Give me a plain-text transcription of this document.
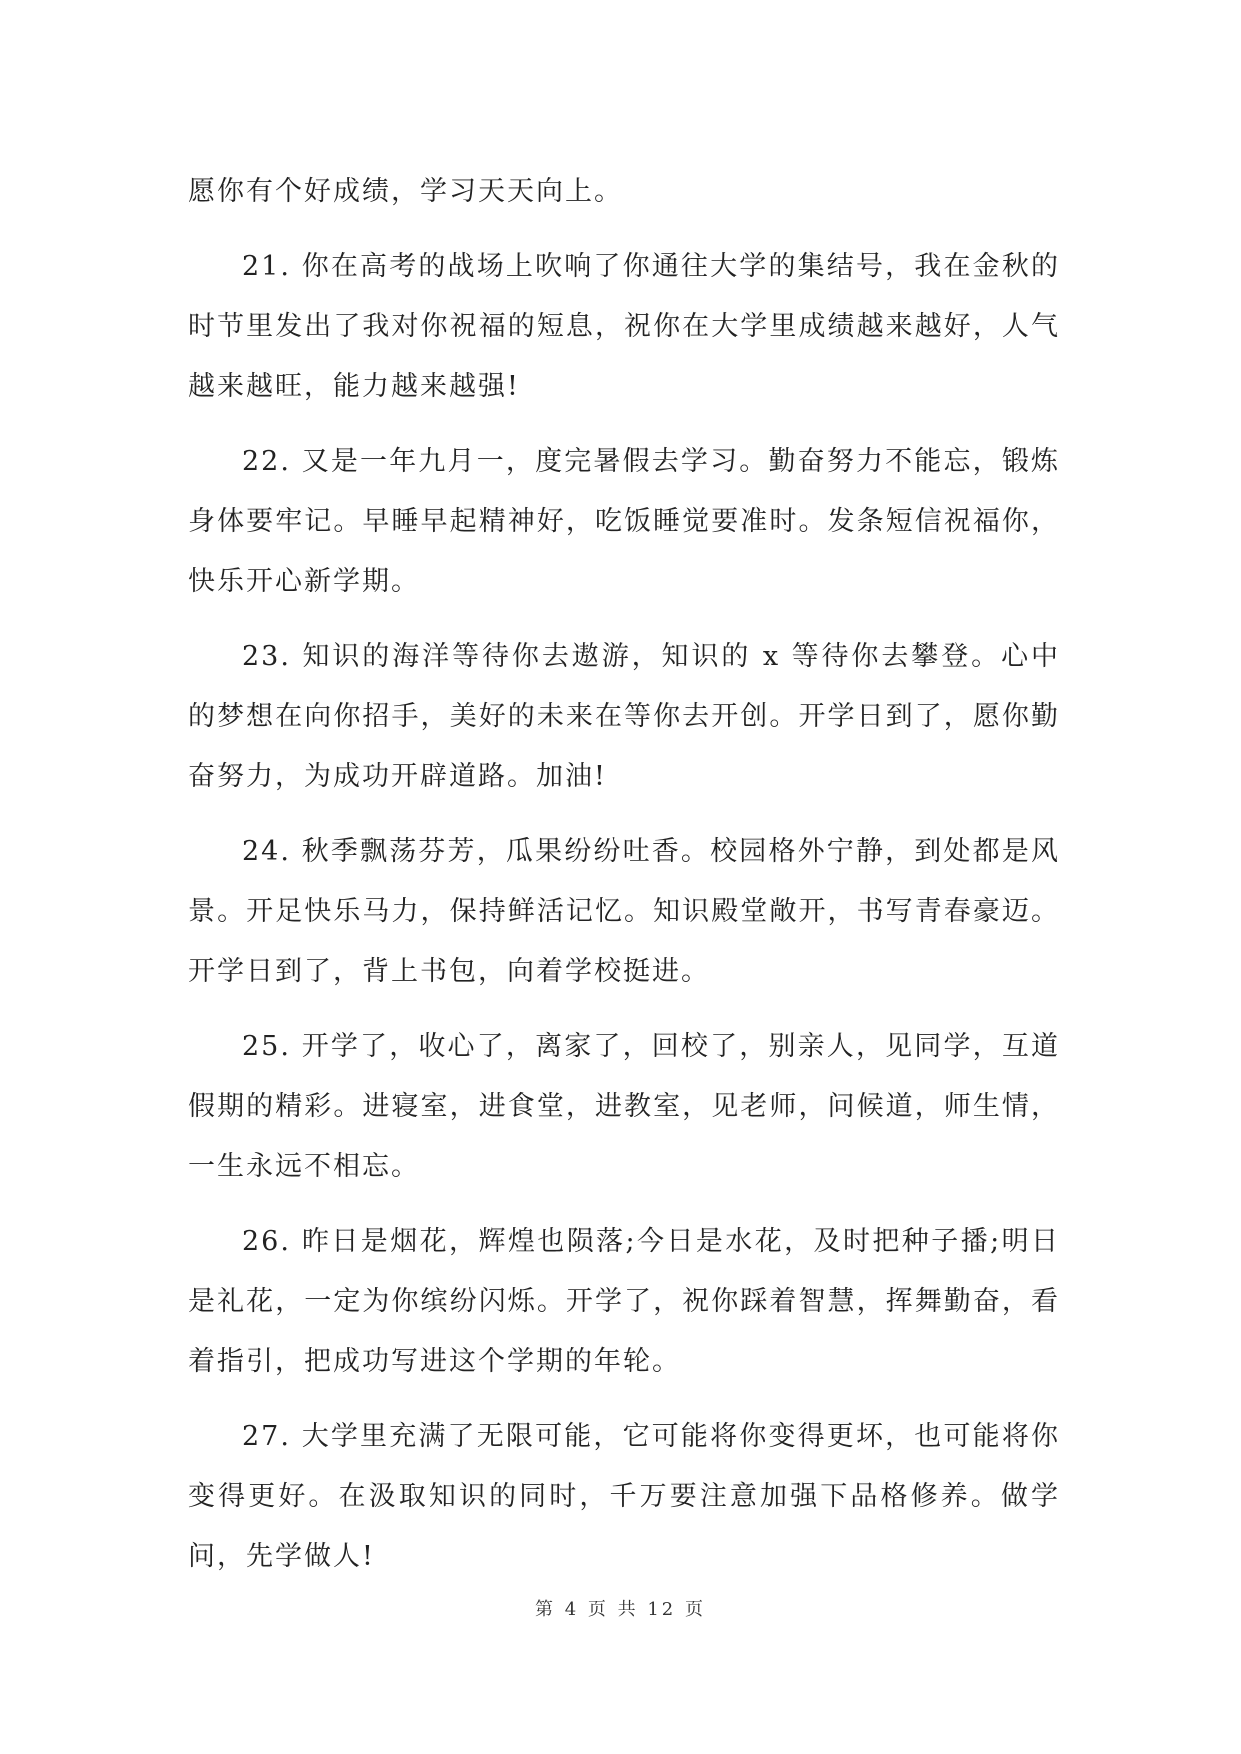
愿你有个好成绩，学习天天向上。

21. 你在高考的战场上吹响了你通往大学的集结号，我在金秋的时节里发出了我对你祝福的短息，祝你在大学里成绩越来越好，人气越来越旺，能力越来越强!

22. 又是一年九月一，度完暑假去学习。勤奋努力不能忘，锻炼身体要牢记。早睡早起精神好，吃饭睡觉要准时。发条短信祝福你，快乐开心新学期。

23. 知识的海洋等待你去遨游，知识的 x 等待你去攀登。心中的梦想在向你招手，美好的未来在等你去开创。开学日到了，愿你勤奋努力，为成功开辟道路。加油!

24. 秋季飘荡芬芳，瓜果纷纷吐香。校园格外宁静，到处都是风景。开足快乐马力，保持鲜活记忆。知识殿堂敞开，书写青春豪迈。开学日到了，背上书包，向着学校挺进。

25. 开学了，收心了，离家了，回校了，别亲人，见同学，互道假期的精彩。进寝室，进食堂，进教室，见老师，问候道，师生情，一生永远不相忘。

26. 昨日是烟花，辉煌也陨落;今日是水花，及时把种子播;明日是礼花，一定为你缤纷闪烁。开学了，祝你踩着智慧，挥舞勤奋，看着指引，把成功写进这个学期的年轮。

27. 大学里充满了无限可能，它可能将你变得更坏，也可能将你变得更好。在汲取知识的同时，千万要注意加强下品格修养。做学问，先学做人!

第 4 页 共 12 页
